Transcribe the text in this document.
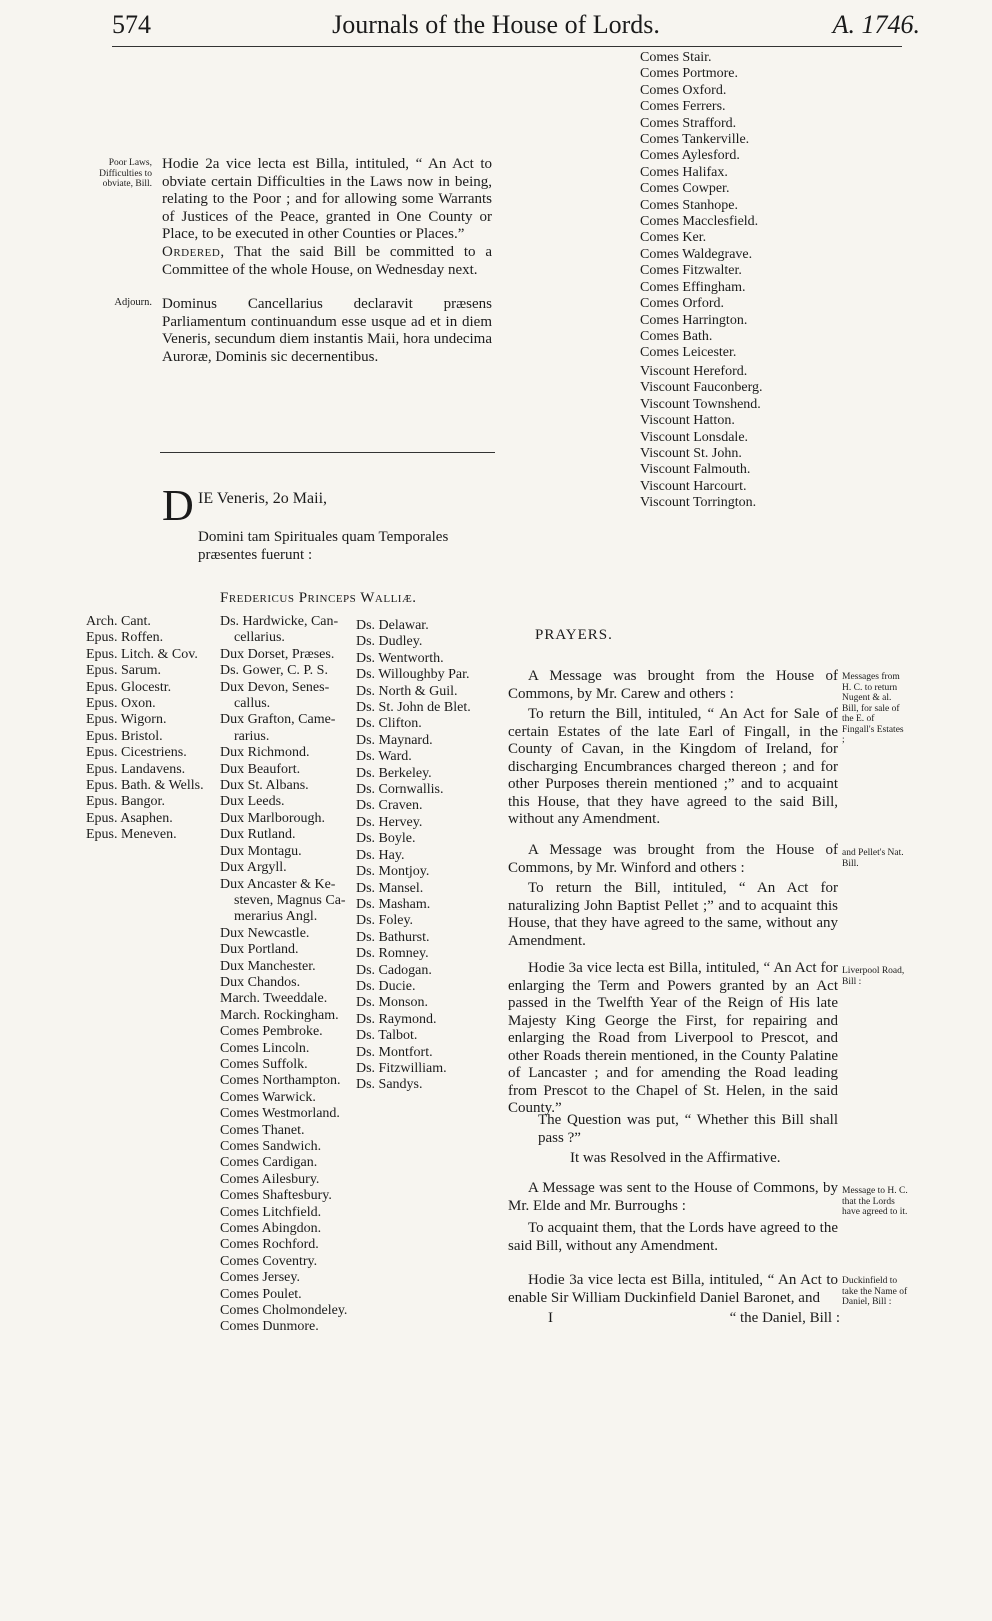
Journals of the House of Lords.
574	A. 1746.
Poor Laws, Difficulties to obviate, Bill.
Hodie 2a vice lecta est Billa, intituled, “ An Act to obviate certain Difficulties in the Laws now in being, relating to the Poor ; and for allowing some Warrants of Justices of the Peace, granted in One County or Place, to be executed in other Counties or Places.”
Ordered, That the said Bill be committed to a Committee of the whole House, on Wednesday next.
Adjourn. Dominus Cancellarius declaravit præsens Parliamentum continuandum esse usque ad et in diem Veneris, secundum diem instantis Maii, hora undecima Auroræ, Dominis sic decernentibus.
D IE Veneris, 2o Maii,
Domini tam Spirituales quam Temporales præsentes fuerunt :
Fredericus Princeps Walliæ.
Arch. Cant.
Epus. Roffen.
Epus. Litch. & Cov.
Epus. Sarum.
Epus. Glocestr.
Epus. Oxon.
Epus. Wigorn.
Epus. Bristol.
Epus. Cicestriens.
Epus. Landavens.
Epus. Bath. & Wells.
Epus. Bangor.
Epus. Asaphen.
Epus. Meneven.
Ds. Hardwicke, Can-
cellarius.
Dux Dorset, Præses.
Ds. Gower, C. P. S.
Dux Devon, Senes-
callus.
Dux Grafton, Came-
rarius.
Dux Richmond.
Dux Beaufort.
Dux St. Albans.
Dux Leeds.
Dux Marlborough.
Dux Rutland.
Dux Montagu.
Dux Argyll.
Dux Ancaster & Ke-
steven, Magnus Ca-
merarius Angl.
Dux Newcastle.
Dux Portland.
Dux Manchester.
Dux Chandos.
March. Tweeddale.
March. Rockingham.
Comes Pembroke.
Comes Lincoln.
Comes Suffolk.
Comes Northampton.
Comes Warwick.
Comes Westmorland.
Comes Thanet.
Comes Sandwich.
Comes Cardigan.
Comes Ailesbury.
Comes Shaftesbury.
Comes Litchfield.
Comes Abingdon.
Comes Rochford.
Comes Coventry.
Comes Jersey.
Comes Poulet.
Comes Cholmondeley.
Comes Dunmore.
Ds. Delawar.
Ds. Dudley.
Ds. Wentworth.
Ds. Willoughby Par.
Ds. North & Guil.
Ds. St. John de Blet.
Ds. Clifton.
Ds. Maynard.
Ds. Ward.
Ds. Berkeley.
Ds. Cornwallis.
Ds. Craven.
Ds. Hervey.
Ds. Boyle.
Ds. Hay.
Ds. Montjoy.
Ds. Mansel.
Ds. Masham.
Ds. Foley.
Ds. Bathurst.
Ds. Romney.
Ds. Cadogan.
Ds. Ducie.
Ds. Monson.
Ds. Raymond.
Ds. Talbot.
Ds. Montfort.
Ds. Fitzwilliam.
Ds. Sandys.
Comes Stair.
Comes Portmore.
Comes Oxford.
Comes Ferrers.
Comes Strafford.
Comes Tankerville.
Comes Aylesford.
Comes Halifax.
Comes Cowper.
Comes Stanhope.
Comes Macclesfield.
Comes Ker.
Comes Waldegrave.
Comes Fitzwalter.
Comes Effingham.
Comes Orford.
Comes Harrington.
Comes Bath.
Comes Leicester.
Viscount Hereford.
Viscount Fauconberg.
Viscount Townshend.
Viscount Hatton.
Viscount Lonsdale.
Viscount St. John.
Viscount Falmouth.
Viscount Harcourt.
Viscount Torrington.
PRAYERS.
A Message was brought from the House of Commons, by Mr. Carew and others :
To return the Bill, intituled, “ An Act for Sale of certain Estates of the late Earl of Fingall, in the County of Cavan, in the Kingdom of Ireland, for discharging Encumbrances charged thereon ; and for other Purposes therein mentioned ;” and to acquaint this House, that they have agreed to the said Bill, without any Amendment.
Messages from H. C. to return Nugent & al. Bill, for sale of the E. of Fingall's Estates ;
A Message was brought from the House of Commons, by Mr. Winford and others :
and Pellet's Nat. Bill.
To return the Bill, intituled, “ An Act for naturalizing John Baptist Pellet ;” and to acquaint this House, that they have agreed to the same, without any Amendment.
Hodie 3a vice lecta est Billa, intituled, “ An Act for enlarging the Term and Powers granted by an Act passed in the Twelfth Year of the Reign of His late Majesty King George the First, for repairing and enlarging the Road from Liverpool to Prescot, and other Roads therein mentioned, in the County Palatine of Lancaster ; and for amending the Road leading from Prescot to the Chapel of St. Helen, in the said County.”
Liverpool Road, Bill :
The Question was put, “ Whether this Bill shall pass ?”
It was Resolved in the Affirmative.
A Message was sent to the House of Commons, by Mr. Elde and Mr. Burroughs :
Message to H. C. that the Lords have agreed to it.
To acquaint them, that the Lords have agreed to the said Bill, without any Amendment.
Hodie 3a vice lecta est Billa, intituled, “ An Act to enable Sir William Duckinfield Daniel Baronet, and
Duckinfield to take the Name of Daniel, Bill :
I	“ the Daniel, Bill :
